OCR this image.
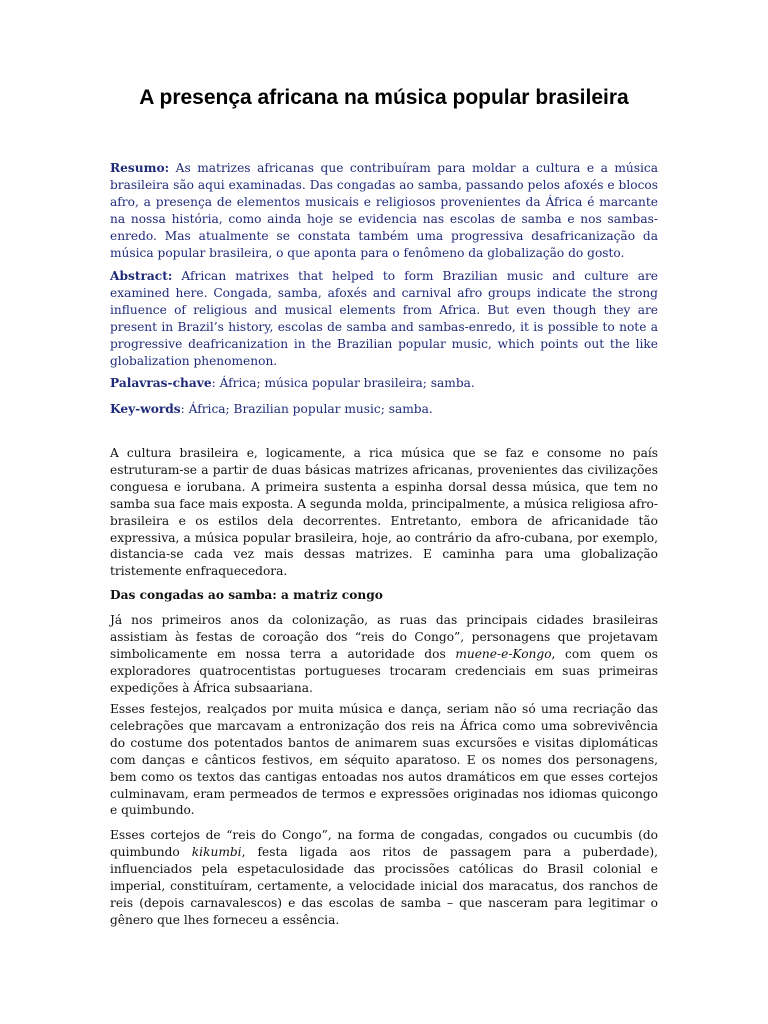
A presença africana na música popular brasileira

Resumo: As matrizes africanas que contribuíram para moldar a cultura e a música brasileira são aqui examinadas. Das congadas ao samba, passando pelos afoxés e blocos afro, a presença de elementos musicais e religiosos provenientes da África é marcante na nossa história, como ainda hoje se evidencia nas escolas de samba e nos sambas-enredo. Mas atualmente se constata também uma progressiva desafricanização da música popular brasileira, o que aponta para o fenômeno da globalização do gosto.

Abstract: African matrixes that helped to form Brazilian music and culture are examined here. Congada, samba, afoxés and carnival afro groups indicate the strong influence of religious and musical elements from Africa. But even though they are present in Brazil’s history, escolas de samba and sambas-enredo, it is possible to note a progressive deafricanization in the Brazilian popular music, which points out the like globalization phenomenon.

Palavras-chave: África; música popular brasileira; samba.

Key-words: África; Brazilian popular music; samba.

A cultura brasileira e, logicamente, a rica música que se faz e consome no país estruturam-se a partir de duas básicas matrizes africanas, provenientes das civilizações conguesa e iorubana. A primeira sustenta a espinha dorsal dessa música, que tem no samba sua face mais exposta. A segunda molda, principalmente, a música religiosa afro-brasileira e os estilos dela decorrentes. Entretanto, embora de africanidade tão expressiva, a música popular brasileira, hoje, ao contrário da afro-cubana, por exemplo, distancia-se cada vez mais dessas matrizes. E caminha para uma globalização tristemente enfraquecedora.

Das congadas ao samba: a matriz congo

Já nos primeiros anos da colonização, as ruas das principais cidades brasileiras assistiam às festas de coroação dos “reis do Congo”, personagens que projetavam simbolicamente em nossa terra a autoridade dos muene-e-Kongo, com quem os exploradores quatrocentistas portugueses trocaram credenciais em suas primeiras expedições à África subsaariana.

Esses festejos, realçados por muita música e dança, seriam não só uma recriação das celebrações que marcavam a entronização dos reis na África como uma sobrevivência do costume dos potentados bantos de animarem suas excursões e visitas diplomáticas com danças e cânticos festivos, em séquito aparatoso. E os nomes dos personagens, bem como os textos das cantigas entoadas nos autos dramáticos em que esses cortejos culminavam, eram permeados de termos e expressões originadas nos idiomas quicongo e quimbundo.

Esses cortejos de “reis do Congo”, na forma de congadas, congados ou cucumbis (do quimbundo kikumbi, festa ligada aos ritos de passagem para a puberdade), influenciados pela espetaculosidade das procissões católicas do Brasil colonial e imperial, constituíram, certamente, a velocidade inicial dos maracatus, dos ranchos de reis (depois carnavalescos) e das escolas de samba – que nasceram para legitimar o gênero que lhes forneceu a essência.
